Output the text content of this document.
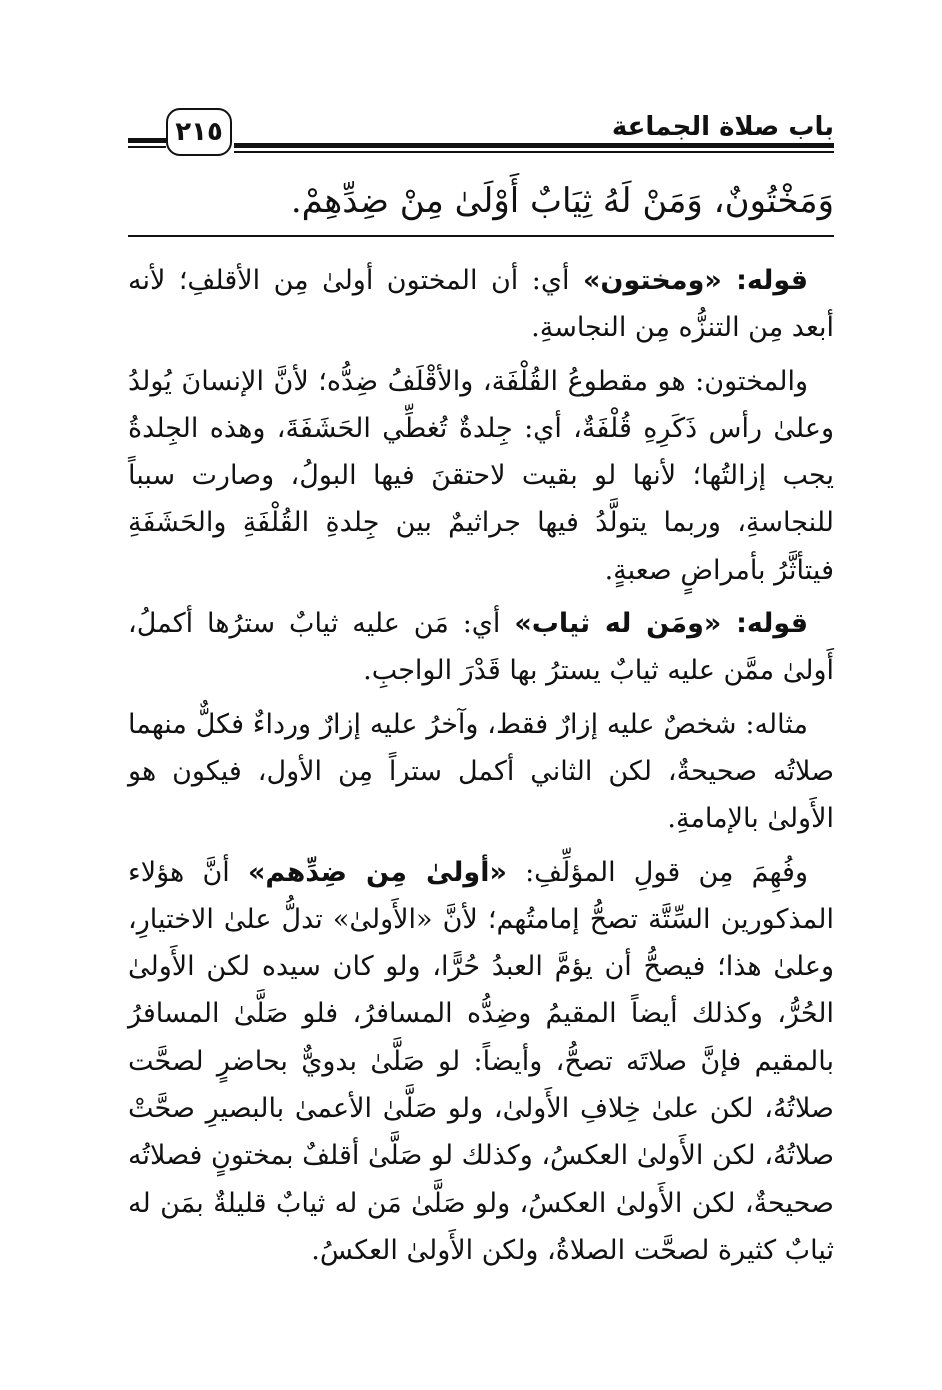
باب صلاة الجماعة
٢١٥
وَمَخْتُونٌ، وَمَنْ لَهُ ثِيَابٌ أَوْلَىٰ مِنْ ضِدِّهِمْ.

قوله: «ومختون» أي: أن المختون أولىٰ مِن الأقلفِ؛ لأنه أبعد مِن التنزُّه مِن النجاسةِ.

والمختون: هو مقطوعُ القُلْفَة، والأقْلَفُ ضِدُّه؛ لأنَّ الإنسانَ يُولدُ وعلىٰ رأس ذَكَرِهِ قُلْفَةٌ، أي: جِلدةٌ تُغطِّي الحَشَفَةَ، وهذه الجِلدةُ يجب إزالتُها؛ لأنها لو بقيت لاحتقنَ فيها البولُ، وصارت سبباً للنجاسةِ، وربما يتولَّدُ فيها جراثيمٌ بين جِلدةِ القُلْفَةِ والحَشَفَةِ فيتأثَّرُ بأمراضٍ صعبةٍ.

قوله: «ومَن له ثياب» أي: مَن عليه ثيابٌ سترُها أكملُ، أَولىٰ ممَّن عليه ثيابٌ يسترُ بها قَدْرَ الواجبِ.

مثاله: شخصٌ عليه إزارٌ فقط، وآخرُ عليه إزارٌ ورداءٌ فكلٌّ منهما صلاتُه صحيحةٌ، لكن الثاني أكمل ستراً مِن الأول، فيكون هو الأَولىٰ بالإمامةِ.

وفُهِمَ مِن قولِ المؤلِّفِ: «أولىٰ مِن ضِدِّهم» أنَّ هؤلاء المذكورين السِّتَّة تصحُّ إمامتُهم؛ لأنَّ «الأَولىٰ» تدلُّ علىٰ الاختيارِ، وعلىٰ هذا؛ فيصحُّ أن يؤمَّ العبدُ حُرًّا، ولو كان سيده لكن الأَولىٰ الحُرُّ، وكذلك أيضاً المقيمُ وضِدُّه المسافرُ، فلو صَلَّىٰ المسافرُ بالمقيم فإنَّ صلاتَه تصحُّ، وأيضاً: لو صَلَّىٰ بدويٌّ بحاضرٍ لصحَّت صلاتُهُ، لكن علىٰ خِلافِ الأَولىٰ، ولو صَلَّىٰ الأعمىٰ بالبصيرِ صحَّتْ صلاتُهُ، لكن الأَولىٰ العكسُ، وكذلك لو صَلَّىٰ أقلفٌ بمختونٍ فصلاتُه صحيحةٌ، لكن الأَولىٰ العكسُ، ولو صَلَّىٰ مَن له ثيابٌ قليلةٌ بمَن له ثيابٌ كثيرة لصحَّت الصلاةُ، ولكن الأَولىٰ العكسُ.
